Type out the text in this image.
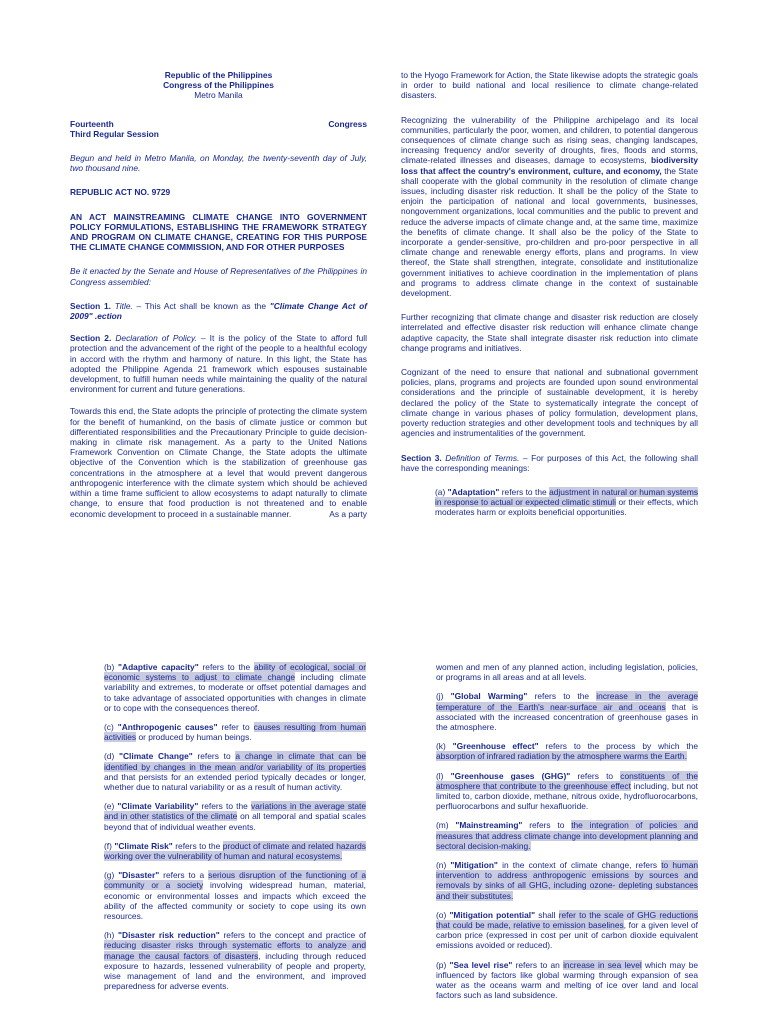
Republic of the Philippines
Congress of the Philippines
Metro Manila
Fourteenth	Congress

Third Regular Session

Begun and held in Metro Manila, on Monday, the twenty-seventh day of July, two thousand nine.

REPUBLIC ACT NO. 9729

AN ACT MAINSTREAMING CLIMATE CHANGE INTO GOVERNMENT POLICY FORMULATIONS, ESTABLISHING THE FRAMEWORK STRATEGY AND PROGRAM ON CLIMATE CHANGE, CREATING FOR THIS PURPOSE THE CLIMATE CHANGE COMMISSION, AND FOR OTHER PURPOSES

Be it enacted by the Senate and House of Representatives of the Philippines in Congress assembled:

Section 1. Title. – This Act shall be known as the "Climate Change Act of 2009" .ection

Section 2. Declaration of Policy. – It is the policy of the State to afford full protection and the advancement of the right of the people to a healthful ecology in accord with the rhythm and harmony of nature. In this light, the State has adopted the Philippine Agenda 21 framework which espouses sustainable development, to fulfill human needs while maintaining the quality of the natural environment for current and future generations.

Towards this end, the State adopts the principle of protecting the climate system for the benefit of humankind, on the basis of climate justice or common but differentiated responsibilities and the Precautionary Principle to guide decision-making in climate risk management. As a party to the United Nations Framework Convention on Climate Change, the State adopts the ultimate objective of the Convention which is the stabilization of greenhouse gas concentrations in the atmosphere at a level that would prevent dangerous anthropogenic interference with the climate system which should be achieved within a time frame sufficient to allow ecosystems to adapt naturally to climate change, to ensure that food production is not threatened and to enable economic development to proceed in a sustainable manner.	As a party

to the Hyogo Framework for Action, the State likewise adopts the strategic goals in order to build national and local resilience to climate change-related disasters.

Recognizing the vulnerability of the Philippine archipelago and its local communities, particularly the poor, women, and children, to potential dangerous consequences of climate change such as rising seas, changing landscapes, increasing frequency and/or severity of droughts, fires, floods and storms, climate-related illnesses and diseases, damage to ecosystems, biodiversity loss that affect the country's environment, culture, and economy, the State shall cooperate with the global community in the resolution of climate change issues, including disaster risk reduction. It shall be the policy of the State to enjoin the participation of national and local governments, businesses, nongovernment organizations, local communities and the public to prevent and reduce the adverse impacts of climate change and, at the same time, maximize the benefits of climate change. It shall also be the policy of the State to incorporate a gender-sensitive, pro-children and pro-poor perspective in all climate change and renewable energy efforts, plans and programs. In view thereof, the State shall strengthen, integrate, consolidate and institutionalize government initiatives to achieve coordination in the implementation of plans and programs to address climate change in the context of sustainable development.

Further recognizing that climate change and disaster risk reduction are closely interrelated and effective disaster risk reduction will enhance climate change adaptive capacity, the State shall integrate disaster risk reduction into climate change programs and initiatives.

Cognizant of the need to ensure that national and subnational government policies, plans, programs and projects are founded upon sound environmental considerations and the principle of sustainable development, it is hereby declared the policy of the State to systematically integrate the concept of climate change in various phases of policy formulation, development plans, poverty reduction strategies and other development tools and techniques by all agencies and instrumentalities of the government.

Section 3. Definition of Terms. – For purposes of this Act, the following shall have the corresponding meanings:

(a) "Adaptation" refers to the adjustment in natural or human systems in response to actual or expected climatic stimuli or their effects, which moderates harm or exploits beneficial opportunities.

(b) "Adaptive capacity" refers to the ability of ecological, social or economic systems to adjust to climate change including climate variability and extremes, to moderate or offset potential damages and to take advantage of associated opportunities with changes in climate or to cope with the consequences thereof.

(c) "Anthropogenic causes" refer to causes resulting from human activities or produced by human beings.

(d) "Climate Change" refers to a change in climate that can be identified by changes in the mean and/or variability of its properties and that persists for an extended period typically decades or longer, whether due to natural variability or as a result of human activity.

(e) "Climate Variability" refers to the variations in the average state and in other statistics of the climate on all temporal and spatial scales beyond that of individual weather events.

(f) "Climate Risk" refers to the product of climate and related hazards working over the vulnerability of human and natural ecosystems.

(g) "Disaster" refers to a serious disruption of the functioning of a community or a society involving widespread human, material, economic or environmental losses and impacts which exceed the ability of the affected community or society to cope using its own resources.

(h) "Disaster risk reduction" refers to the concept and practice of reducing disaster risks through systematic efforts to analyze and manage the causal factors of disasters, including through reduced exposure to hazards, lessened vulnerability of people and property, wise management of land and the environment, and improved preparedness for adverse events.

women and men of any planned action, including legislation, policies, or programs in all areas and at all levels.

(j) "Global Warming" refers to the increase in the average temperature of the Earth's near-surface air and oceans that is associated with the increased concentration of greenhouse gases in the atmosphere.

(k) "Greenhouse effect" refers to the process by which the absorption of infrared radiation by the atmosphere warms the Earth.

(l) "Greenhouse gases (GHG)" refers to constituents of the atmosphere that contribute to the greenhouse effect including, but not limited to, carbon dioxide, methane, nitrous oxide, hydrofluorocarbons, perfluorocarbons and sulfur hexafluoride.

(m) "Mainstreaming" refers to the integration of policies and measures that address climate change into development planning and sectoral decision-making.

(n) "Mitigation" in the context of climate change, refers to human intervention to address anthropogenic emissions by sources and removals by sinks of all GHG, including ozone- depleting substances and their substitutes.

(o) "Mitigation potential" shall refer to the scale of GHG reductions that could be made, relative to emission baselines, for a given level of carbon price (expressed in cost per unit of carbon dioxide equivalent emissions avoided or reduced).

(p) "Sea level rise" refers to an increase in sea level which may be influenced by factors like global warming through expansion of sea water as the oceans warm and melting of ice over land and local factors such as land subsidence.
